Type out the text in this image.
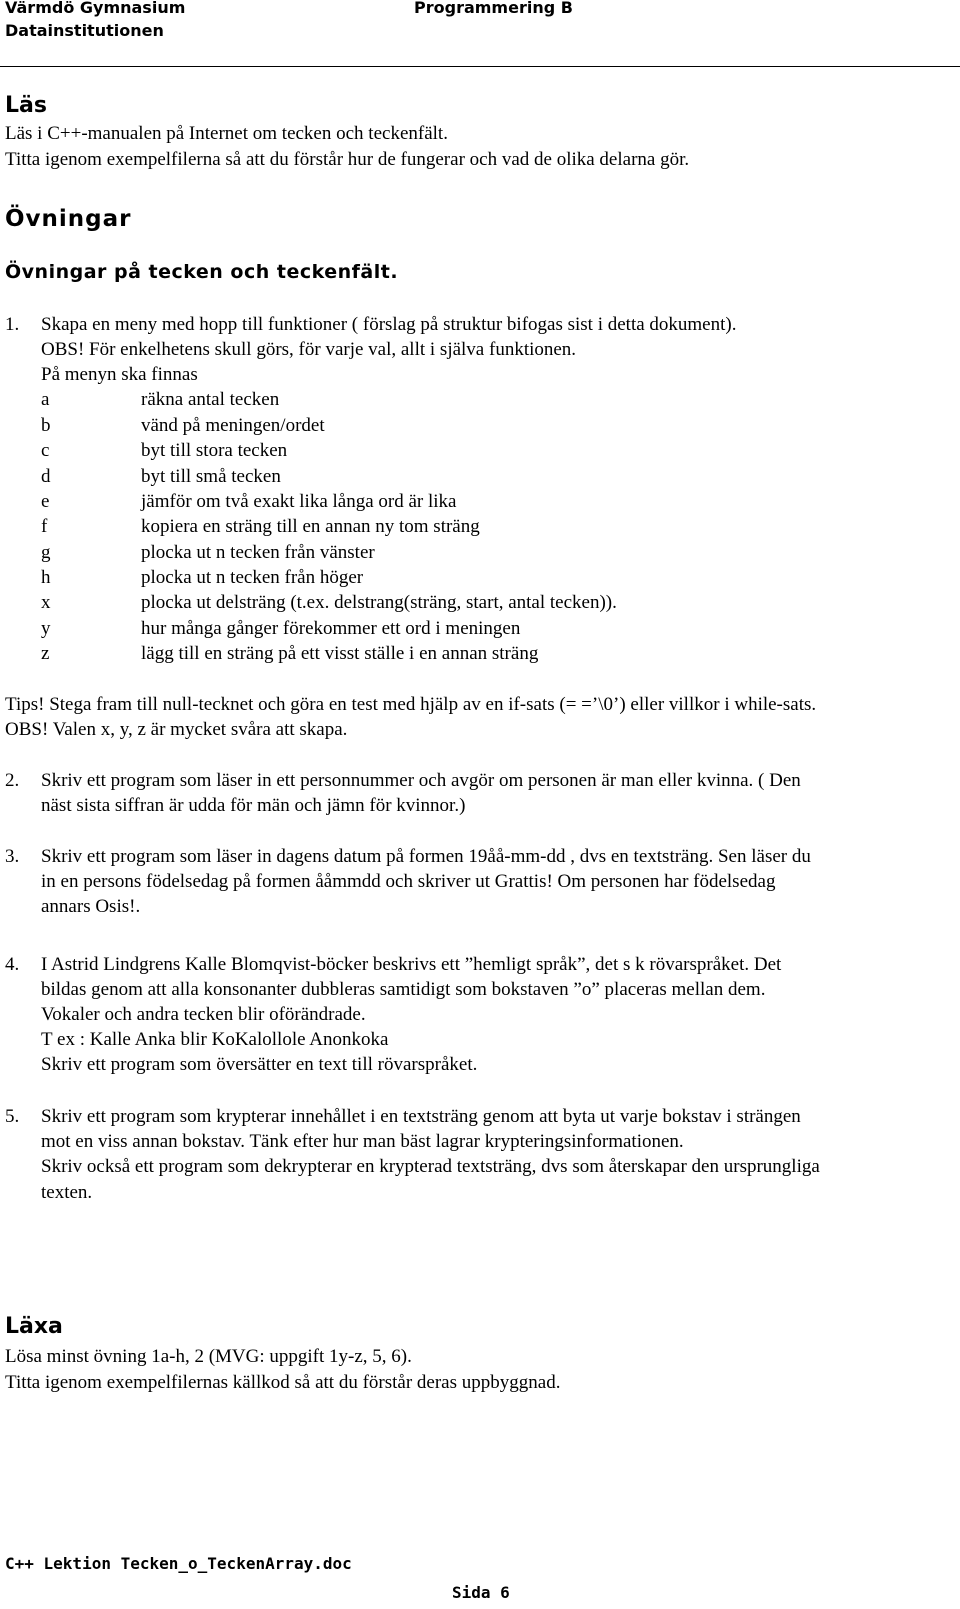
Värmdö Gymnasium	Programmering B
Datainstitutionen
Läs
Läs i C++-manualen på Internet om tecken och teckenfält.
Titta igenom exempelfilerna så att du förstår hur de fungerar och vad de olika delarna gör.
Övningar
Övningar på tecken och teckenfält.
1. Skapa en meny med hopp till funktioner ( förslag på struktur bifogas sist i detta dokument).
OBS! För enkelhetens skull görs, för varje val, allt i själva funktionen.
På menyn ska finnas
a	räkna antal tecken
b	vänd på meningen/ordet
c	byt till stora tecken
d	byt till små tecken
e	jämför om två exakt lika långa ord är lika
f	kopiera en sträng till en annan ny tom sträng
g	plocka ut n tecken från vänster
h	plocka ut n tecken från höger
x	plocka ut delsträng (t.ex. delstrang(sträng, start, antal tecken)).
y	hur många gånger förekommer ett ord i meningen
z	lägg till en sträng på ett visst ställe i en annan sträng
Tips! Stega fram till null-tecknet och göra en test med hjälp av en if-sats (= =’\0’) eller villkor i while-sats.
OBS! Valen x, y, z är mycket svåra att skapa.
2. Skriv ett program som läser in ett personnummer och avgör om personen är man eller kvinna. ( Den
näst sista siffran är udda för män och jämn för kvinnor.)
3. Skriv ett program som läser in dagens datum på formen 19åå-mm-dd , dvs en textsträng. Sen läser du
in en persons födelsedag på formen ååmmdd och skriver ut Grattis! Om personen har födelsedag
annars Osis!.
4. I Astrid Lindgrens Kalle Blomqvist-böcker beskrivs ett ”hemligt språk”, det s k rövarspråket. Det
bildas genom att alla konsonanter dubbleras samtidigt som bokstaven ”o” placeras mellan dem.
Vokaler och andra tecken blir oförändrade.
T ex : Kalle Anka blir KoKalollole Anonkoka
Skriv ett program som översätter en text till rövarspråket.
5. Skriv ett program som krypterar innehållet i en textsträng genom att byta ut varje bokstav i strängen
mot en viss annan bokstav. Tänk efter hur man bäst lagrar krypteringsinformationen.
Skriv också ett program som dekrypterar en krypterad textsträng, dvs som återskapar den ursprungliga
texten.
Läxa
Lösa minst övning 1a-h, 2 (MVG: uppgift 1y-z, 5, 6).
Titta igenom exempelfilernas källkod så att du förstår deras uppbyggnad.
C++ Lektion Tecken_o_TeckenArray.doc
Sida 6
